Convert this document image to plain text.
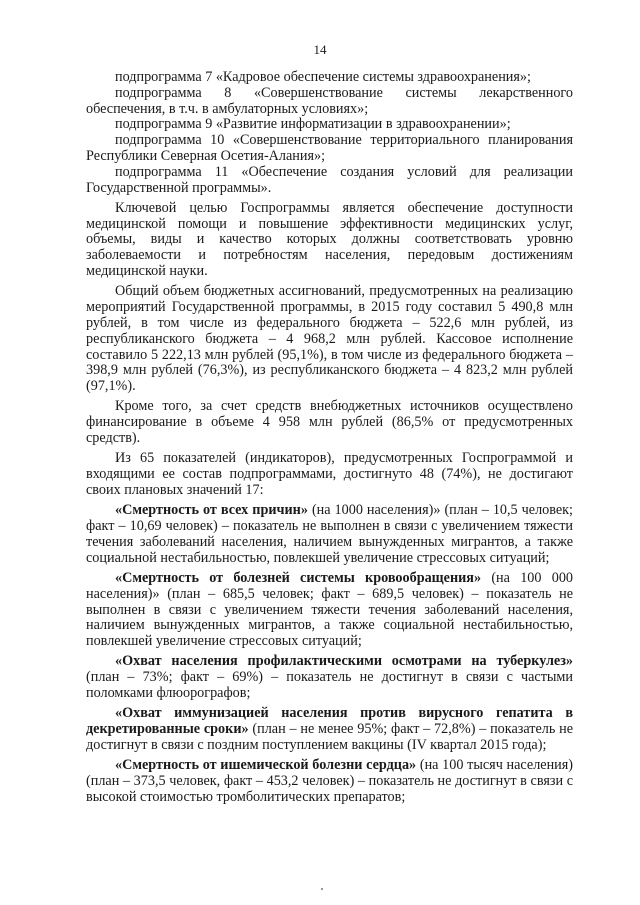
14

подпрограмма 7 «Кадровое обеспечение системы здравоохранения»;

подпрограмма 8 «Совершенствование системы лекарственного обеспечения, в т.ч. в амбулаторных условиях»;

подпрограмма 9 «Развитие информатизации в здравоохранении»;

подпрограмма 10 «Совершенствование территориального планирования Республики Северная Осетия-Алания»;

подпрограмма 11 «Обеспечение создания условий для реализации Государственной программы».

Ключевой целью Госпрограммы является обеспечение доступности медицинской помощи и повышение эффективности медицинских услуг, объемы, виды и качество которых должны соответствовать уровню заболеваемости и потребностям населения, передовым достижениям медицинской науки.

Общий объем бюджетных ассигнований, предусмотренных на реализацию мероприятий Государственной программы, в 2015 году составил 5 490,8 млн рублей, в том числе из федерального бюджета – 522,6 млн рублей, из республиканского бюджета – 4 968,2 млн рублей. Кассовое исполнение составило 5 222,13 млн рублей (95,1%), в том числе из федерального бюджета – 398,9 млн рублей (76,3%), из республиканского бюджета – 4 823,2 млн рублей (97,1%).

Кроме того, за счет средств внебюджетных источников осуществлено финансирование в объеме 4 958 млн рублей (86,5% от предусмотренных средств).

Из 65 показателей (индикаторов), предусмотренных Госпрограммой и входящими ее состав подпрограммами, достигнуто 48 (74%), не достигают своих плановых значений 17:

«Смертность от всех причин» (на 1000 населения)» (план – 10,5 человек; факт – 10,69 человек) – показатель не выполнен в связи с увеличением тяжести течения заболеваний населения, наличием вынужденных мигрантов, а также социальной нестабильностью, повлекшей увеличение стрессовых ситуаций;

«Смертность от болезней системы кровообращения» (на 100 000 населения)» (план – 685,5 человек; факт – 689,5 человек) – показатель не выполнен в связи с увеличением тяжести течения заболеваний населения, наличием вынужденных мигрантов, а также социальной нестабильностью, повлекшей увеличение стрессовых ситуаций;

«Охват населения профилактическими осмотрами на туберкулез» (план – 73%; факт – 69%) – показатель не достигнут в связи с частыми поломками флюорографов;

«Охват иммунизацией населения против вирусного гепатита в декретированные сроки» (план – не менее 95%; факт – 72,8%) – показатель не достигнут в связи с поздним поступлением вакцины (IV квартал 2015 года);

«Смертность от ишемической болезни сердца» (на 100 тысяч населения) (план – 373,5 человек, факт – 453,2 человек) – показатель не достигнут в связи с высокой стоимостью тромболитических препаратов;
